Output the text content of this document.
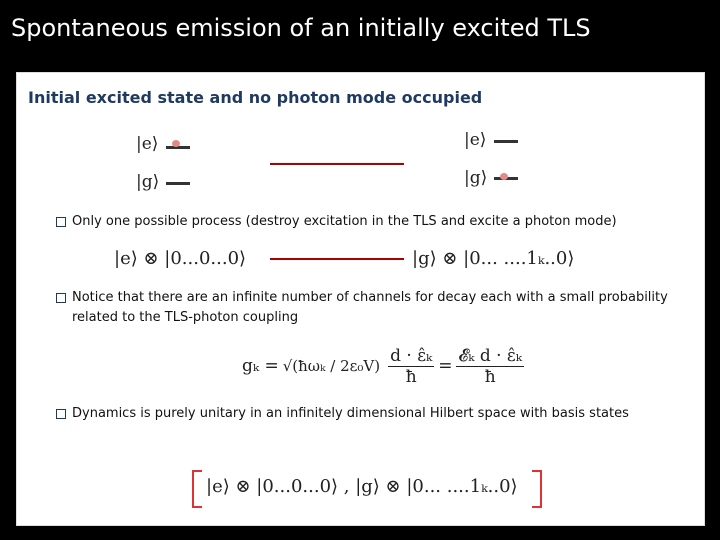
Spontaneous emission of an initially excited TLS
Initial excited state and no photon mode occupied
|e⟩
|g⟩
|e⟩
|g⟩
Only one possible process (destroy excitation in the TLS and excite a photon mode)
|e⟩ ⊗ |0...0...0⟩	|g⟩ ⊗ |0... ....1ₖ..0⟩
Notice that there are an infinite number of channels for decay each with a small probability related to the TLS-photon coupling
gₖ = √(ħωₖ / $2\varepsilon_0V) \frac{\text{d · ε̂ₖ}}{ħ}$ =
𝓔ₖ d · ε̂ₖ
ħ
Dynamics is purely unitary in an infinitely dimensional Hilbert space with basis states
|e⟩ ⊗ |0...0...0⟩ , |g⟩ ⊗ |0... ....1ₖ..0⟩
